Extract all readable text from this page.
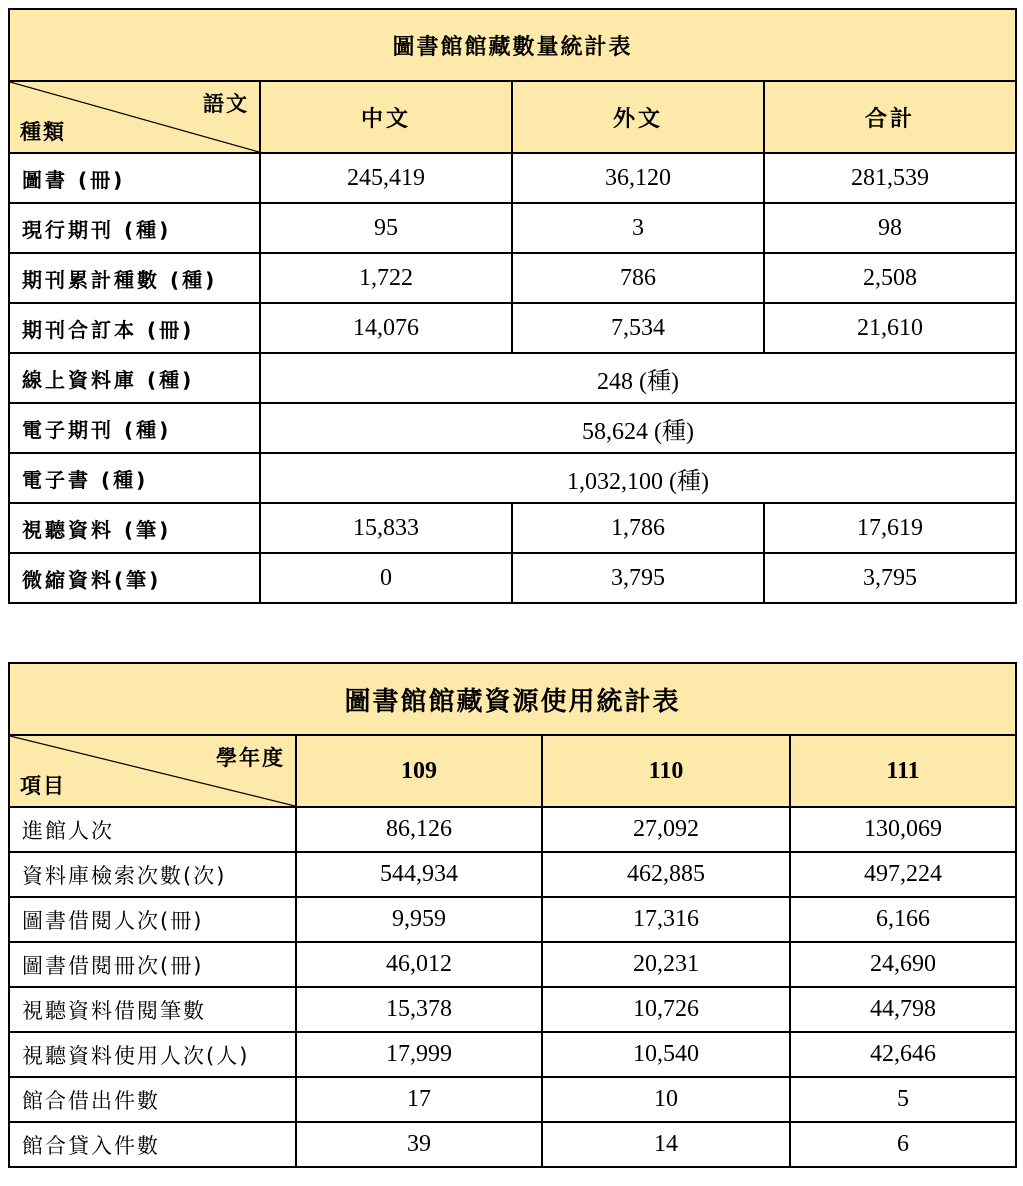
圖書館館藏數量統計表			

語文
種類	中文	外文	合計
圖書 (冊)	245,419	36,120	281,539
現行期刊 (種)	95	3	98
期刊累計種數 (種)	1,722	786	2,508
期刊合訂本 (冊)	14,076	7,534	21,610
線上資料庫 (種)	248 (種)		
電子期刊 (種)	58,624 (種)		
電子書 (種)	1,032,100 (種)		
視聽資料 (筆)	15,833	1,786	17,619
微縮資料(筆)	0	3,795	3,795
圖書館館藏資源使用統計表			

學年度
項目	109	110	111
進館人次	86,126	27,092	130,069
資料庫檢索次數(次)	544,934	462,885	497,224
圖書借閱人次(冊)	9,959	17,316	6,166
圖書借閱冊次(冊)	46,012	20,231	24,690
視聽資料借閱筆數	15,378	10,726	44,798
視聽資料使用人次(人)	17,999	10,540	42,646
館合借出件數	17	10	5
館合貸入件數	39	14	6
